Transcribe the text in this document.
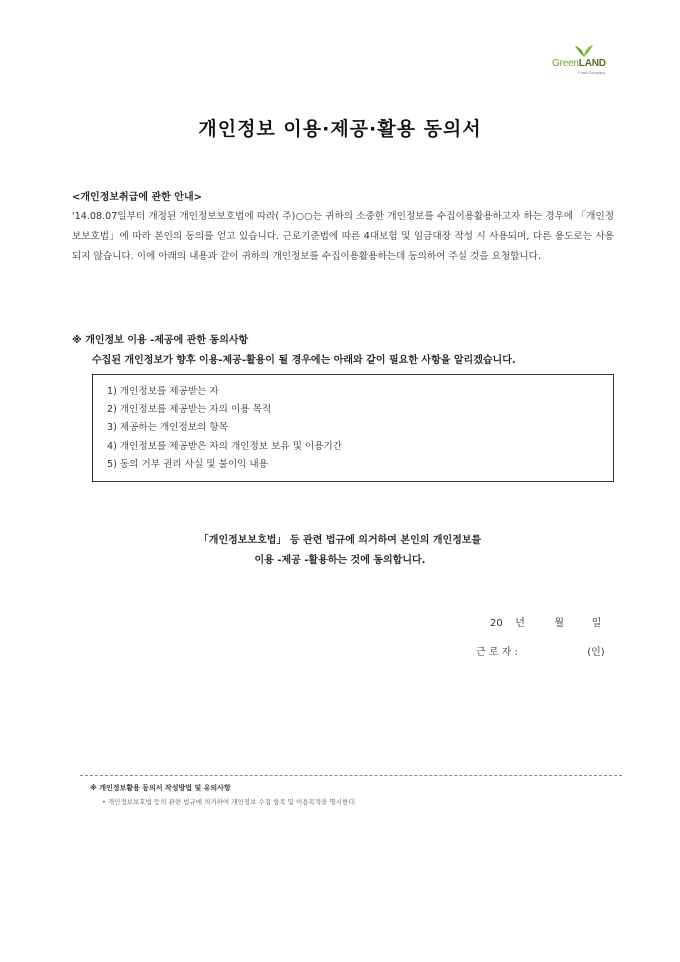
GreenLAND
Food Company
개인정보 이용·제공·활용 동의서
<개인정보취급에 관한 안내>
'14.08.07일부터 개정된 개인정보보호법에 따라( 주)○○는 귀하의 소중한 개인정보를 수집이용활용하고자 하는 경우에 「개인정보보호법」에 따라 본인의 동의를 얻고 있습니다. 근로기준법에 따른 4대보험 및 임금대장 작성 시 사용되며, 다른 용도로는 사용되지 않습니다. 이에 아래의 내용과 같이 귀하의 개인정보를 수집이용활용하는데 동의하여 주실 것을 요청합니다.
※ 개인정보 이용 -제공에 관한 동의사항
수집된 개인정보가 향후 이용-제공-활용이 될 경우에는 아래와 같이 필요한 사항을 알리겠습니다.
1) 개인정보를 제공받는 자
2) 개인정보를 제공받는 자의 이용 목적
3) 제공하는 개인정보의 항목
4) 개인정보를 제공받은 자의 개인정보 보유 및 이용기간
5) 동의 거부 권리 사실 및 불이익 내용
「개인정보보호법」 등 관련 법규에 의거하여 본인의 개인정보를
이용 -제공 -활용하는 것에 동의합니다.
20 년	월	일
근 로 자 :	(인)
※ 개인정보활용 동의서 작성방법 및 유의사항
• 개인정보보호법 등의 관련 법규에 의거하여 개인정보 수집 항목 및 이용목적을 명시한다.
